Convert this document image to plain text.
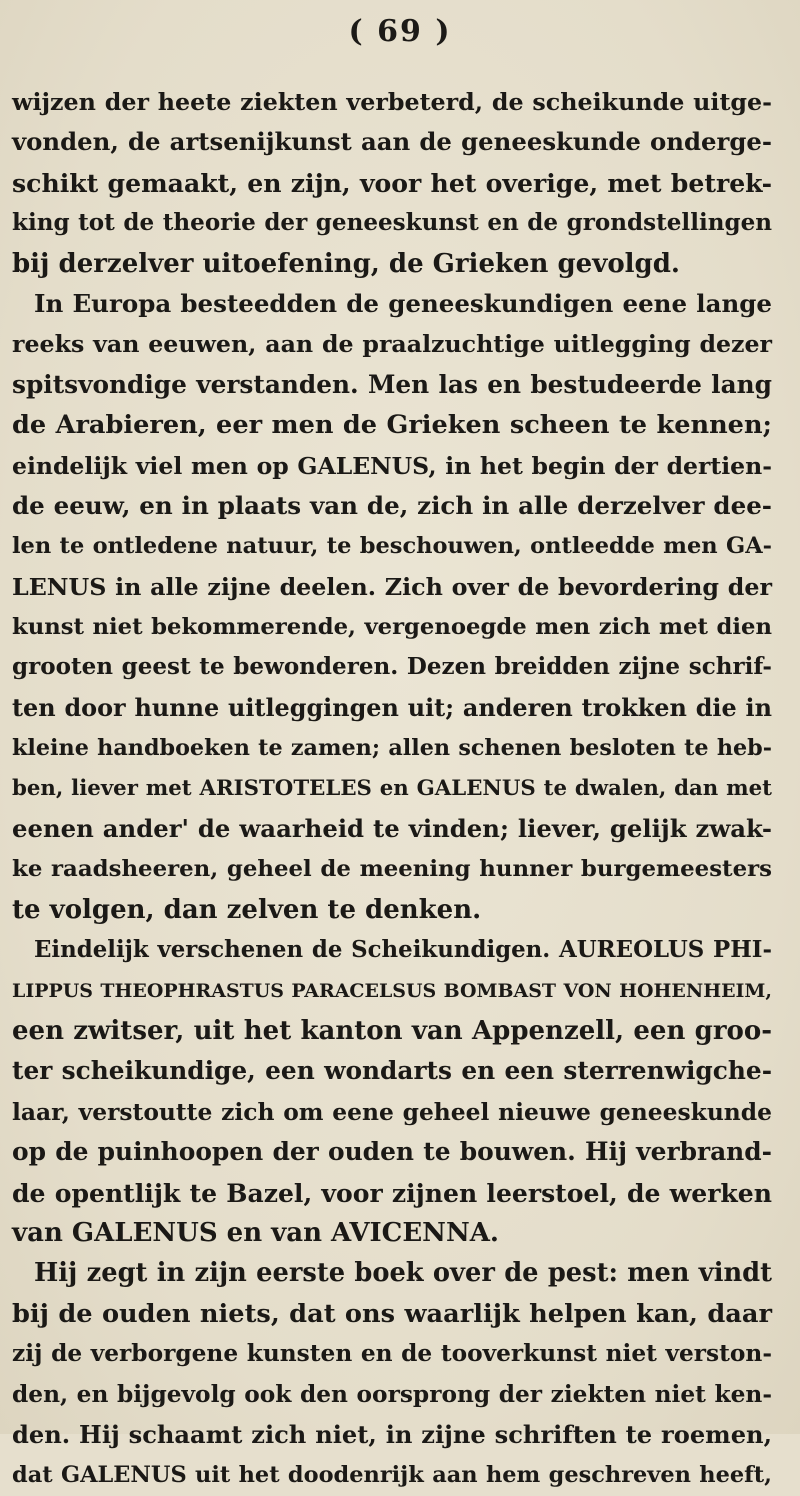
( 69 )
wijzen der heete ziekten verbeterd, de scheikunde uitge-
vonden, de artsenijkunst aan de geneeskunde onderge-
schikt gemaakt, en zijn, voor het overige, met betrek-
king tot de theorie der geneeskunst en de grondstellingen
bij derzelver uitoefening, de Grieken gevolgd.
In Europa besteedden de geneeskundigen eene lange
reeks van eeuwen, aan de praalzuchtige uitlegging dezer
spitsvondige verstanden. Men las en bestudeerde lang
de Arabieren, eer men de Grieken scheen te kennen;
eindelijk viel men op GALENUS, in het begin der dertien-
de eeuw, en in plaats van de, zich in alle derzelver dee-
len te ontledene natuur, te beschouwen, ontleedde men GA-
LENUS in alle zijne deelen. Zich over de bevordering der
kunst niet bekommerende, vergenoegde men zich met dien
grooten geest te bewonderen. Dezen breidden zijne schrif-
ten door hunne uitleggingen uit; anderen trokken die in
kleine handboeken te zamen; allen schenen besloten te heb-
ben, liever met ARISTOTELES en GALENUS te dwalen, dan met
eenen ander' de waarheid te vinden; liever, gelijk zwak-
ke raadsheeren, geheel de meening hunner burgemeesters
te volgen, dan zelven te denken.
Eindelijk verschenen de Scheikundigen. AUREOLUS PHI-
LIPPUS THEOPHRASTUS PARACELSUS BOMBAST VON HOHENHEIM,
een zwitser, uit het kanton van Appenzell, een groo-
ter scheikundige, een wondarts en een sterrenwigche-
laar, verstoutte zich om eene geheel nieuwe geneeskunde
op de puinhoopen der ouden te bouwen. Hij verbrand-
de opentlijk te Bazel, voor zijnen leerstoel, de werken
van GALENUS en van AVICENNA.
Hij zegt in zijn eerste boek over de pest: men vindt
bij de ouden niets, dat ons waarlijk helpen kan, daar
zij de verborgene kunsten en de tooverkunst niet verston-
den, en bijgevolg ook den oorsprong der ziekten niet ken-
den. Hij schaamt zich niet, in zijne schriften te roemen,
dat GALENUS uit het doodenrijk aan hem geschreven heeft,
